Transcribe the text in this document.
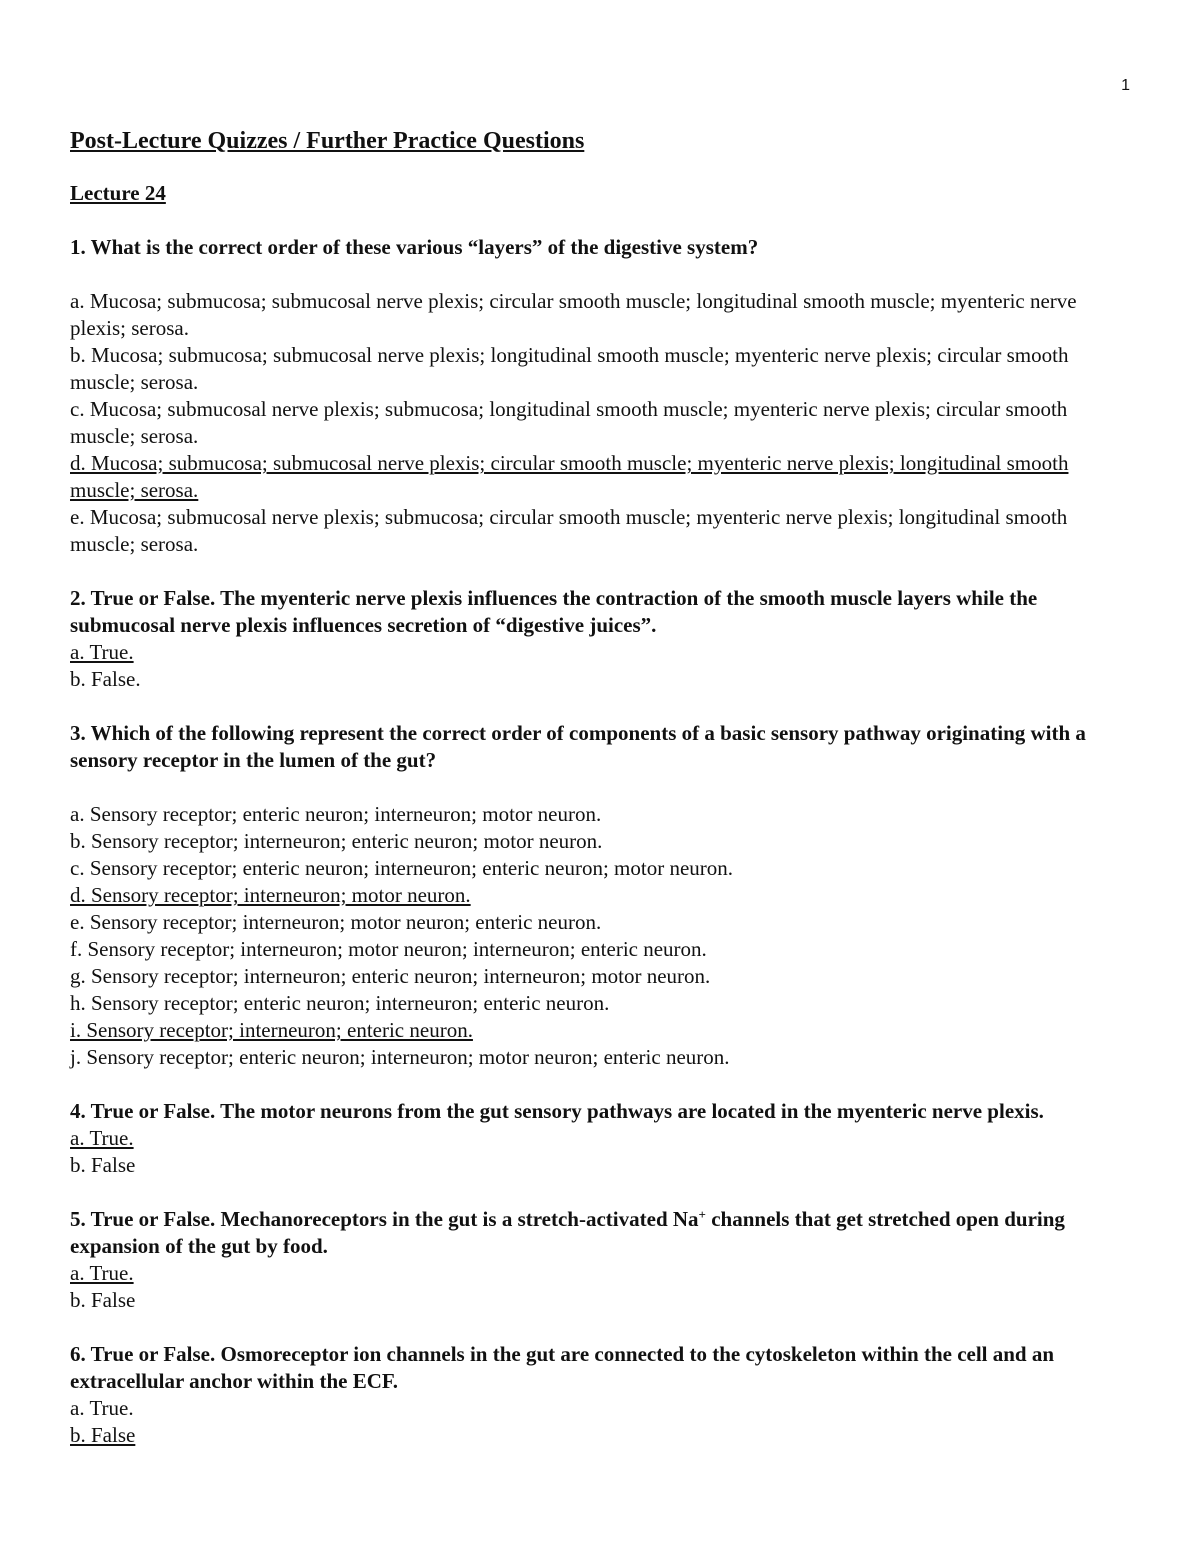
1
Post-Lecture Quizzes / Further Practice Questions
Lecture 24
1. What is the correct order of these various “layers” of the digestive system?
a. Mucosa; submucosa; submucosal nerve plexis; circular smooth muscle; longitudinal smooth muscle; myenteric nerve plexis; serosa.
b. Mucosa; submucosa; submucosal nerve plexis; longitudinal smooth muscle; myenteric nerve plexis; circular smooth muscle; serosa.
c. Mucosa; submucosal nerve plexis; submucosa; longitudinal smooth muscle; myenteric nerve plexis; circular smooth muscle; serosa.
d. Mucosa; submucosa; submucosal nerve plexis; circular smooth muscle; myenteric nerve plexis; longitudinal smooth muscle; serosa.
e. Mucosa; submucosal nerve plexis; submucosa; circular smooth muscle; myenteric nerve plexis; longitudinal smooth muscle; serosa.
2. True or False. The myenteric nerve plexis influences the contraction of the smooth muscle layers while the submucosal nerve plexis influences secretion of “digestive juices”.
a. True.
b. False.
3. Which of the following represent the correct order of components of a basic sensory pathway originating with a sensory receptor in the lumen of the gut?
a. Sensory receptor; enteric neuron; interneuron; motor neuron.
b. Sensory receptor; interneuron; enteric neuron; motor neuron.
c. Sensory receptor; enteric neuron; interneuron; enteric neuron; motor neuron.
d. Sensory receptor; interneuron; motor neuron.
e. Sensory receptor; interneuron; motor neuron; enteric neuron.
f. Sensory receptor; interneuron; motor neuron; interneuron; enteric neuron.
g. Sensory receptor; interneuron; enteric neuron; interneuron; motor neuron.
h. Sensory receptor; enteric neuron; interneuron; enteric neuron.
i. Sensory receptor; interneuron; enteric neuron.
j. Sensory receptor; enteric neuron; interneuron; motor neuron; enteric neuron.
4. True or False. The motor neurons from the gut sensory pathways are located in the myenteric nerve plexis.
a. True.
b. False
5. True or False. Mechanoreceptors in the gut is a stretch-activated Na+ channels that get stretched open during expansion of the gut by food.
a. True.
b. False
6. True or False. Osmoreceptor ion channels in the gut are connected to the cytoskeleton within the cell and an extracellular anchor within the ECF.
a. True.
b. False
